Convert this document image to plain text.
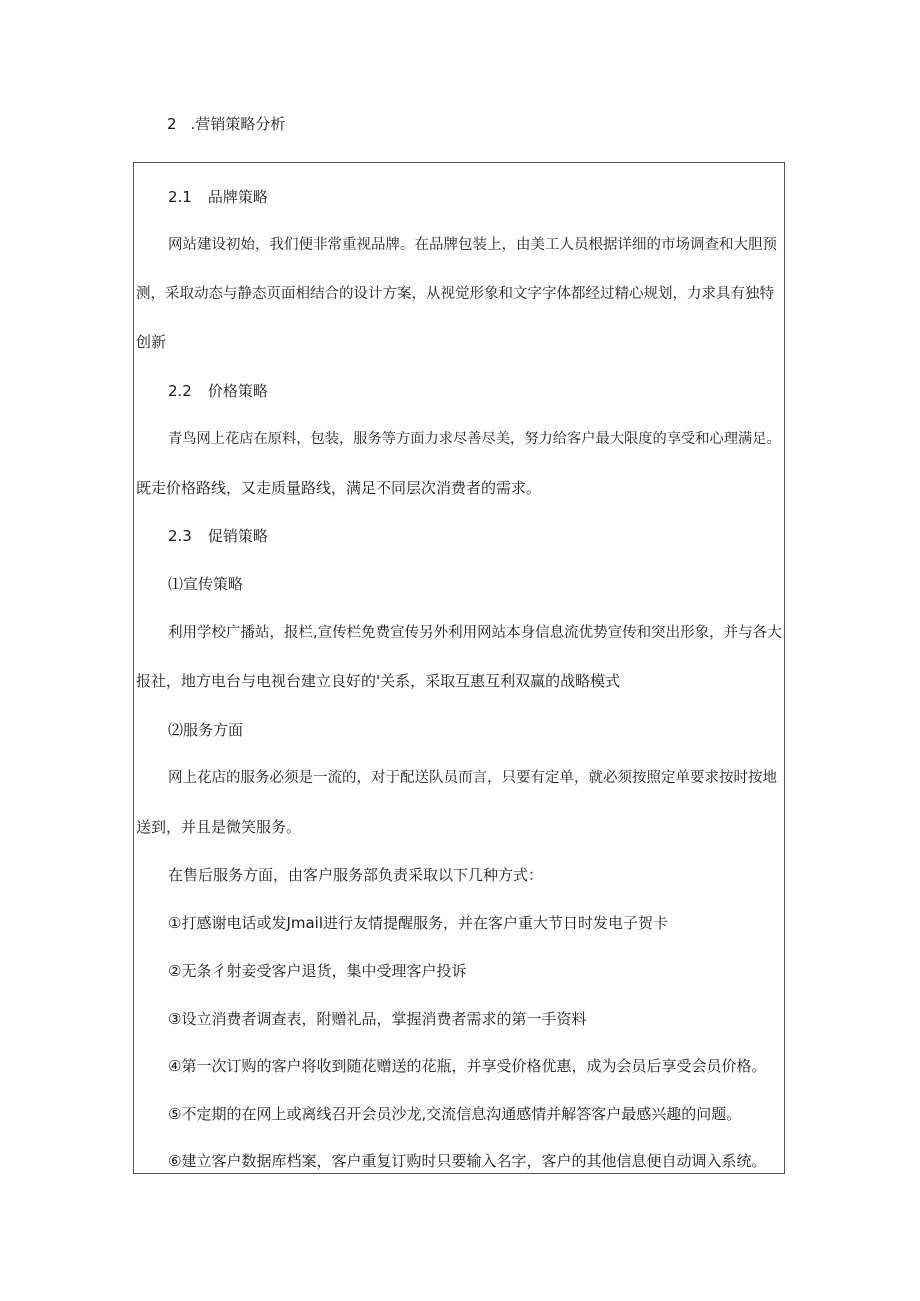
2 .营销策略分析
2.1 品牌策略
网站建设初始，我们便非常重视品牌。在品牌包装上，由美工人员根据详细的市场调查和大胆预
测，采取动态与静态页面相结合的设计方案，从视觉形象和文字字体都经过精心规划，力求具有独特
创新
2.2 价格策略
青鸟网上花店在原料，包装，服务等方面力求尽善尽美，努力给客户最大限度的享受和心理满足。
既走价格路线，又走质量路线，满足不同层次消费者的需求。
2.3 促销策略
⑴宣传策略
利用学校广播站，报栏,宣传栏免费宣传另外利用网站本身信息流优势宣传和突出形象，并与各大
报社，地方电台与电视台建立良好的'关系，采取互惠互利双赢的战略模式
⑵服务方面
网上花店的服务必须是一流的，对于配送队员而言，只要有定单，就必须按照定单要求按时按地
送到，并且是微笑服务。
在售后服务方面，由客户服务部负责采取以下几种方式：
①打感谢电话或发Jmail进行友情提醒服务，并在客户重大节日时发电子贺卡
②无条彳射妾受客户退货，集中受理客户投诉
③设立消费者调查表，附赠礼品，掌握消费者需求的第一手资料
④第一次订购的客户将收到随花赠送的花瓶，并享受价格优惠，成为会员后享受会员价格。
⑤不定期的在网上或离线召开会员沙龙,交流信息沟通感情并解答客户最感兴趣的问题。
⑥建立客户数据库档案，客户重复订购时只要输入名字，客户的其他信息便自动调入系统。
